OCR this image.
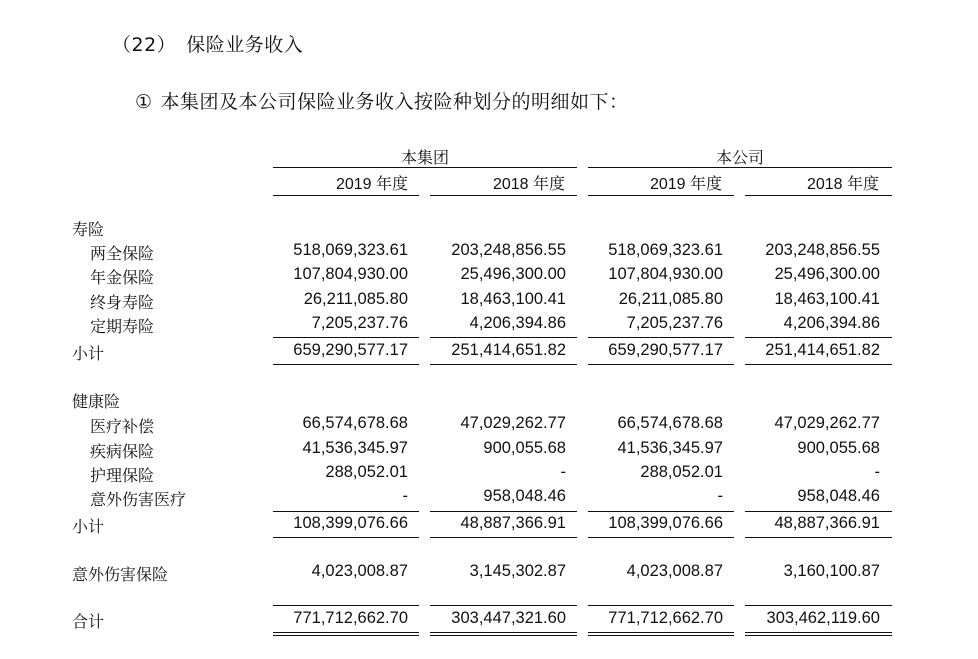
（22） 保险业务收入
① 本集团及本公司保险业务收入按险种划分的明细如下：
本集团	本公司
2019 年度	2018 年度	2019 年度	2018 年度
寿险
两全保险	518,069,323.61	203,248,856.55	518,069,323.61	203,248,856.55
年金保险	107,804,930.00	25,496,300.00	107,804,930.00	25,496,300.00
终身寿险	26,211,085.80	18,463,100.41	26,211,085.80	18,463,100.41
定期寿险	7,205,237.76	4,206,394.86	7,205,237.76	4,206,394.86
小计	659,290,577.17	251,414,651.82	659,290,577.17	251,414,651.82
健康险
医疗补偿	66,574,678.68	47,029,262.77	66,574,678.68	47,029,262.77
疾病保险	41,536,345.97	900,055.68	41,536,345.97	900,055.68
护理保险	288,052.01	-	288,052.01	-
意外伤害医疗	-	958,048.46	-	958,048.46
小计	108,399,076.66	48,887,366.91	108,399,076.66	48,887,366.91
意外伤害保险	4,023,008.87	3,145,302.87	4,023,008.87	3,160,100.87
合计	771,712,662.70	303,447,321.60	771,712,662.70	303,462,119.60
